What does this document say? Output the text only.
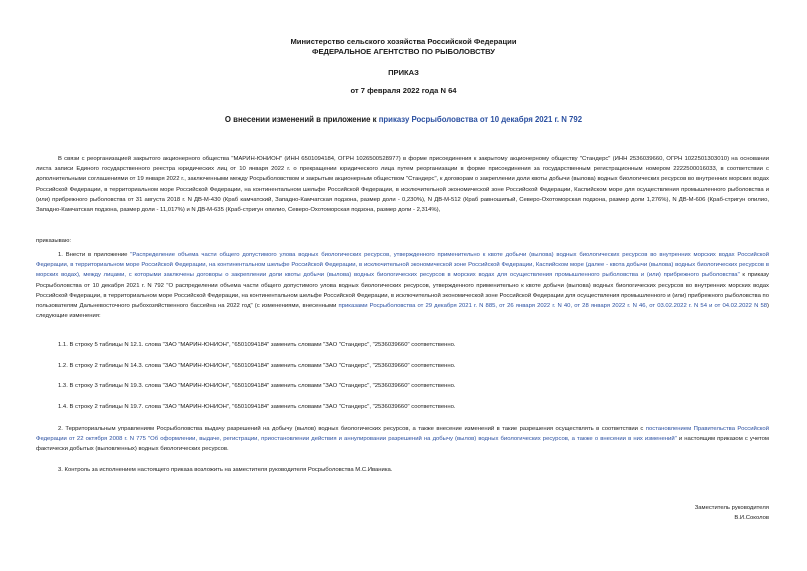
Министерство сельского хозяйства Российской Федерации
ФЕДЕРАЛЬНОЕ АГЕНТСТВО ПО РЫБОЛОВСТВУ
ПРИКАЗ
от 7 февраля 2022 года N 64
О внесении изменений в приложение к приказу Росрыболовства от 10 декабря 2021 г. N 792

В связи с реорганизацией закрытого акционерного общества "МАРИН-ЮНИОН" (ИНН 6501094184, ОГРН 1026500528977) в форме присоединения к закрытому акционерному обществу "Стандерс" (ИНН 2536039660, ОГРН 1022501303010) на основании листа записи Единого государственного реестра юридических лиц от 10 января 2022 г. о прекращении юридического лица путем реорганизации в форме присоединения за государственным регистрационным номером 2222500016033, в соответствии с дополнительными соглашениями от 19 января 2022 г., заключенными между Росрыболовством и закрытым акционерным обществом "Стандерс", к договорам о закреплении доли квоты добычи (вылова) водных биологических ресурсов во внутренних морских водах Российской Федерации, в территориальном море Российской Федерации, на континентальном шельфе Российской Федерации, в исключительной экономической зоне Российской Федерации, Каспийском море для осуществления промышленного рыболовства и (или) прибрежного рыболовства от 31 августа 2018 г. N ДВ-М-430 (Краб камчатский, Западно-Камчатская подзона, размер доли - 0,230%), N ДВ-М-512 (Краб равношипый, Северо-Охотоморская подзона, размер доли 1,276%), N ДВ-М-606 (Краб-стригун опилио, Западно-Камчатская подзона, размер доли - 11,017%) и N ДВ-М-635 (Краб-стригун опилио, Северо-Охотоморская подзона, размер доли - 2,314%),

приказываю:

1. Внести в приложение "Распределение объема части общего допустимого улова водных биологических ресурсов, утвержденного применительно к квоте добычи (вылова) водных биологических ресурсов во внутренних морских водах Российской Федерации, в территориальном море Российской Федерации, на континентальном шельфе Российской Федерации, в исключительной экономической зоне Российской Федерации, Каспийском море (далее - квота добычи (вылова) водных биологических ресурсов в морских водах), между лицами, с которыми заключены договоры о закреплении доли квоты добычи (вылова) водных биологических ресурсов в морских водах для осуществления промышленного рыболовства и (или) прибрежного рыболовства" к приказу Росрыболовства от 10 декабря 2021 г. N 792 "О распределении объема части общего допустимого улова водных биологических ресурсов, утвержденного применительно к квоте добычи (вылова) водных биологических ресурсов во внутренних морских водах Российской Федерации, в территориальном море Российской Федерации, на континентальном шельфе Российской Федерации, в исключительной экономической зоне Российской Федерации для осуществления промышленного и (или) прибрежного рыболовства по пользователям Дальневосточного рыбохозяйственного бассейна на 2022 год" (с изменениями, внесенными приказами Росрыболовства от 29 декабря 2021 г. N 885, от 26 января 2022 г. N 40, от 28 января 2022 г. N 46, от 03.02.2022 г. N 54 и от 04.02.2022 N 58) следующие изменения:

1.1. В строку 5 таблицы N 12.1. слова "ЗАО "МАРИН-ЮНИОН", "6501094184" заменить словами "ЗАО "Стандерс", "2536039660" соответственно.

1.2. В строку 2 таблицы N 14.3. слова "ЗАО "МАРИН-ЮНИОН", "6501094184" заменить словами "ЗАО "Стандерс", "2536039660" соответственно.

1.3. В строку 3 таблицы N 19.3. слова "ЗАО "МАРИН-ЮНИОН", "6501094184" заменить словами "ЗАО "Стандерс", "2536039660" соответственно.

1.4. В строку 2 таблицы N 19.7. слова "ЗАО "МАРИН-ЮНИОН", "6501094184" заменить словами "ЗАО "Стандерс", "2536039660" соответственно.

2. Территориальным управлениям Росрыболовства выдачу разрешений на добычу (вылов) водных биологических ресурсов, а также внесение изменений в такие разрешения осуществлять в соответствии с постановлением Правительства Российской Федерации от 22 октября 2008 г. N 775 "Об оформлении, выдаче, регистрации, приостановлении действия и аннулировании разрешений на добычу (вылов) водных биологических ресурсов, а также о внесении в них изменений" и настоящим приказом с учетом фактически добытых (выловленных) водных биологических ресурсов.

3. Контроль за исполнением настоящего приказа возложить на заместителя руководителя Росрыболовства М.С.Иваника.

Заместитель руководителя
В.И.Соколов
